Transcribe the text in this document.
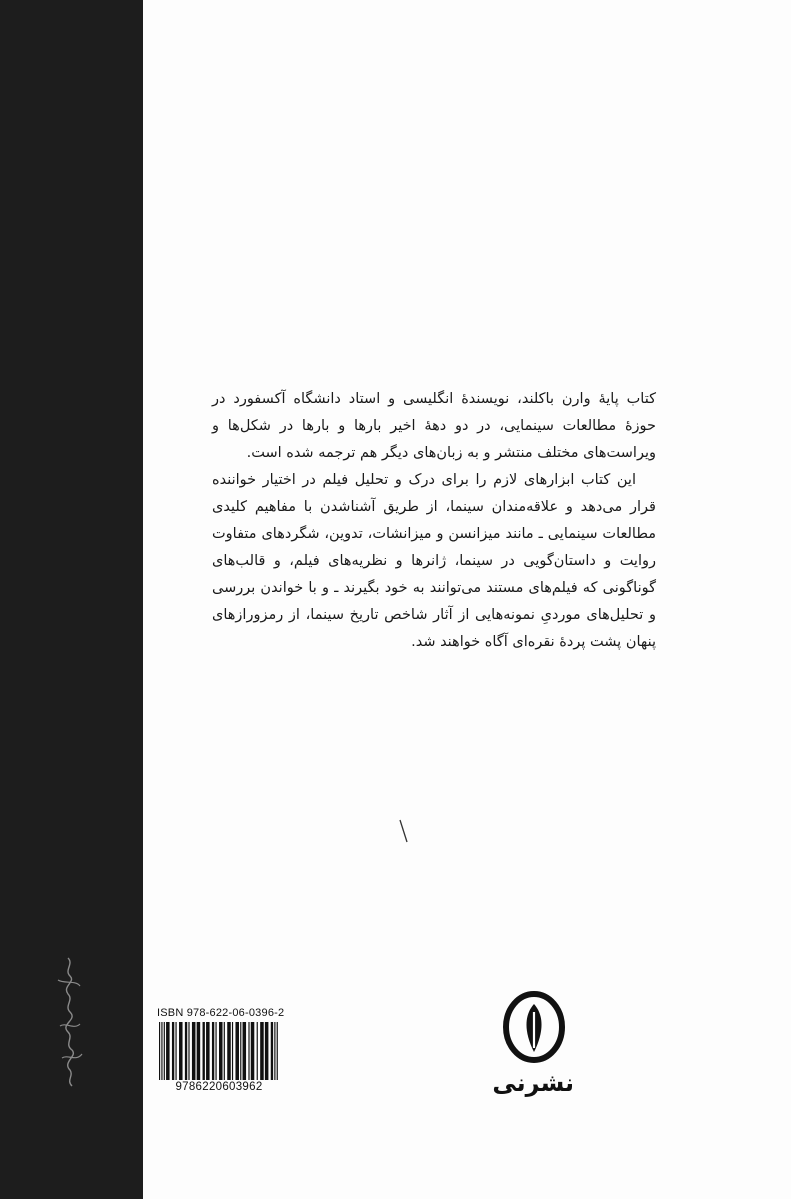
کتاب پایهٔ وارن باکلند، نویسندهٔ انگلیسی و استاد دانشگاه آکسفورد در حوزهٔ مطالعات سینمایی، در دو دههٔ اخیر بارها و بارها در شکل‌ها و ویراست‌های مختلف منتشر و به زبان‌های دیگر هم ترجمه شده است.

این کتاب ابزارهای لازم را برای درک و تحلیل فیلم در اختیار خواننده قرار می‌دهد و علاقه‌مندان سینما، از طریق آشناشدن با مفاهیم کلیدی مطالعات سینمایی ـ مانند میزانسن و میزانشات، تدوین، شگردهای متفاوت روایت و داستان‌گویی در سینما، ژانرها و نظریه‌های فیلم، و قالب‌های گوناگونی که فیلم‌های مستند می‌توانند به خود بگیرند ـ و با خواندن بررسی و تحلیل‌های موردیِ نمونه‌هایی از آثار شاخص تاریخ سینما، از رمزورازهای پنهان پشت پردهٔ نقره‌ای آگاه خواهند شد.

ISBN 978-622-06-0396-2
9786220603962	نشرنی
